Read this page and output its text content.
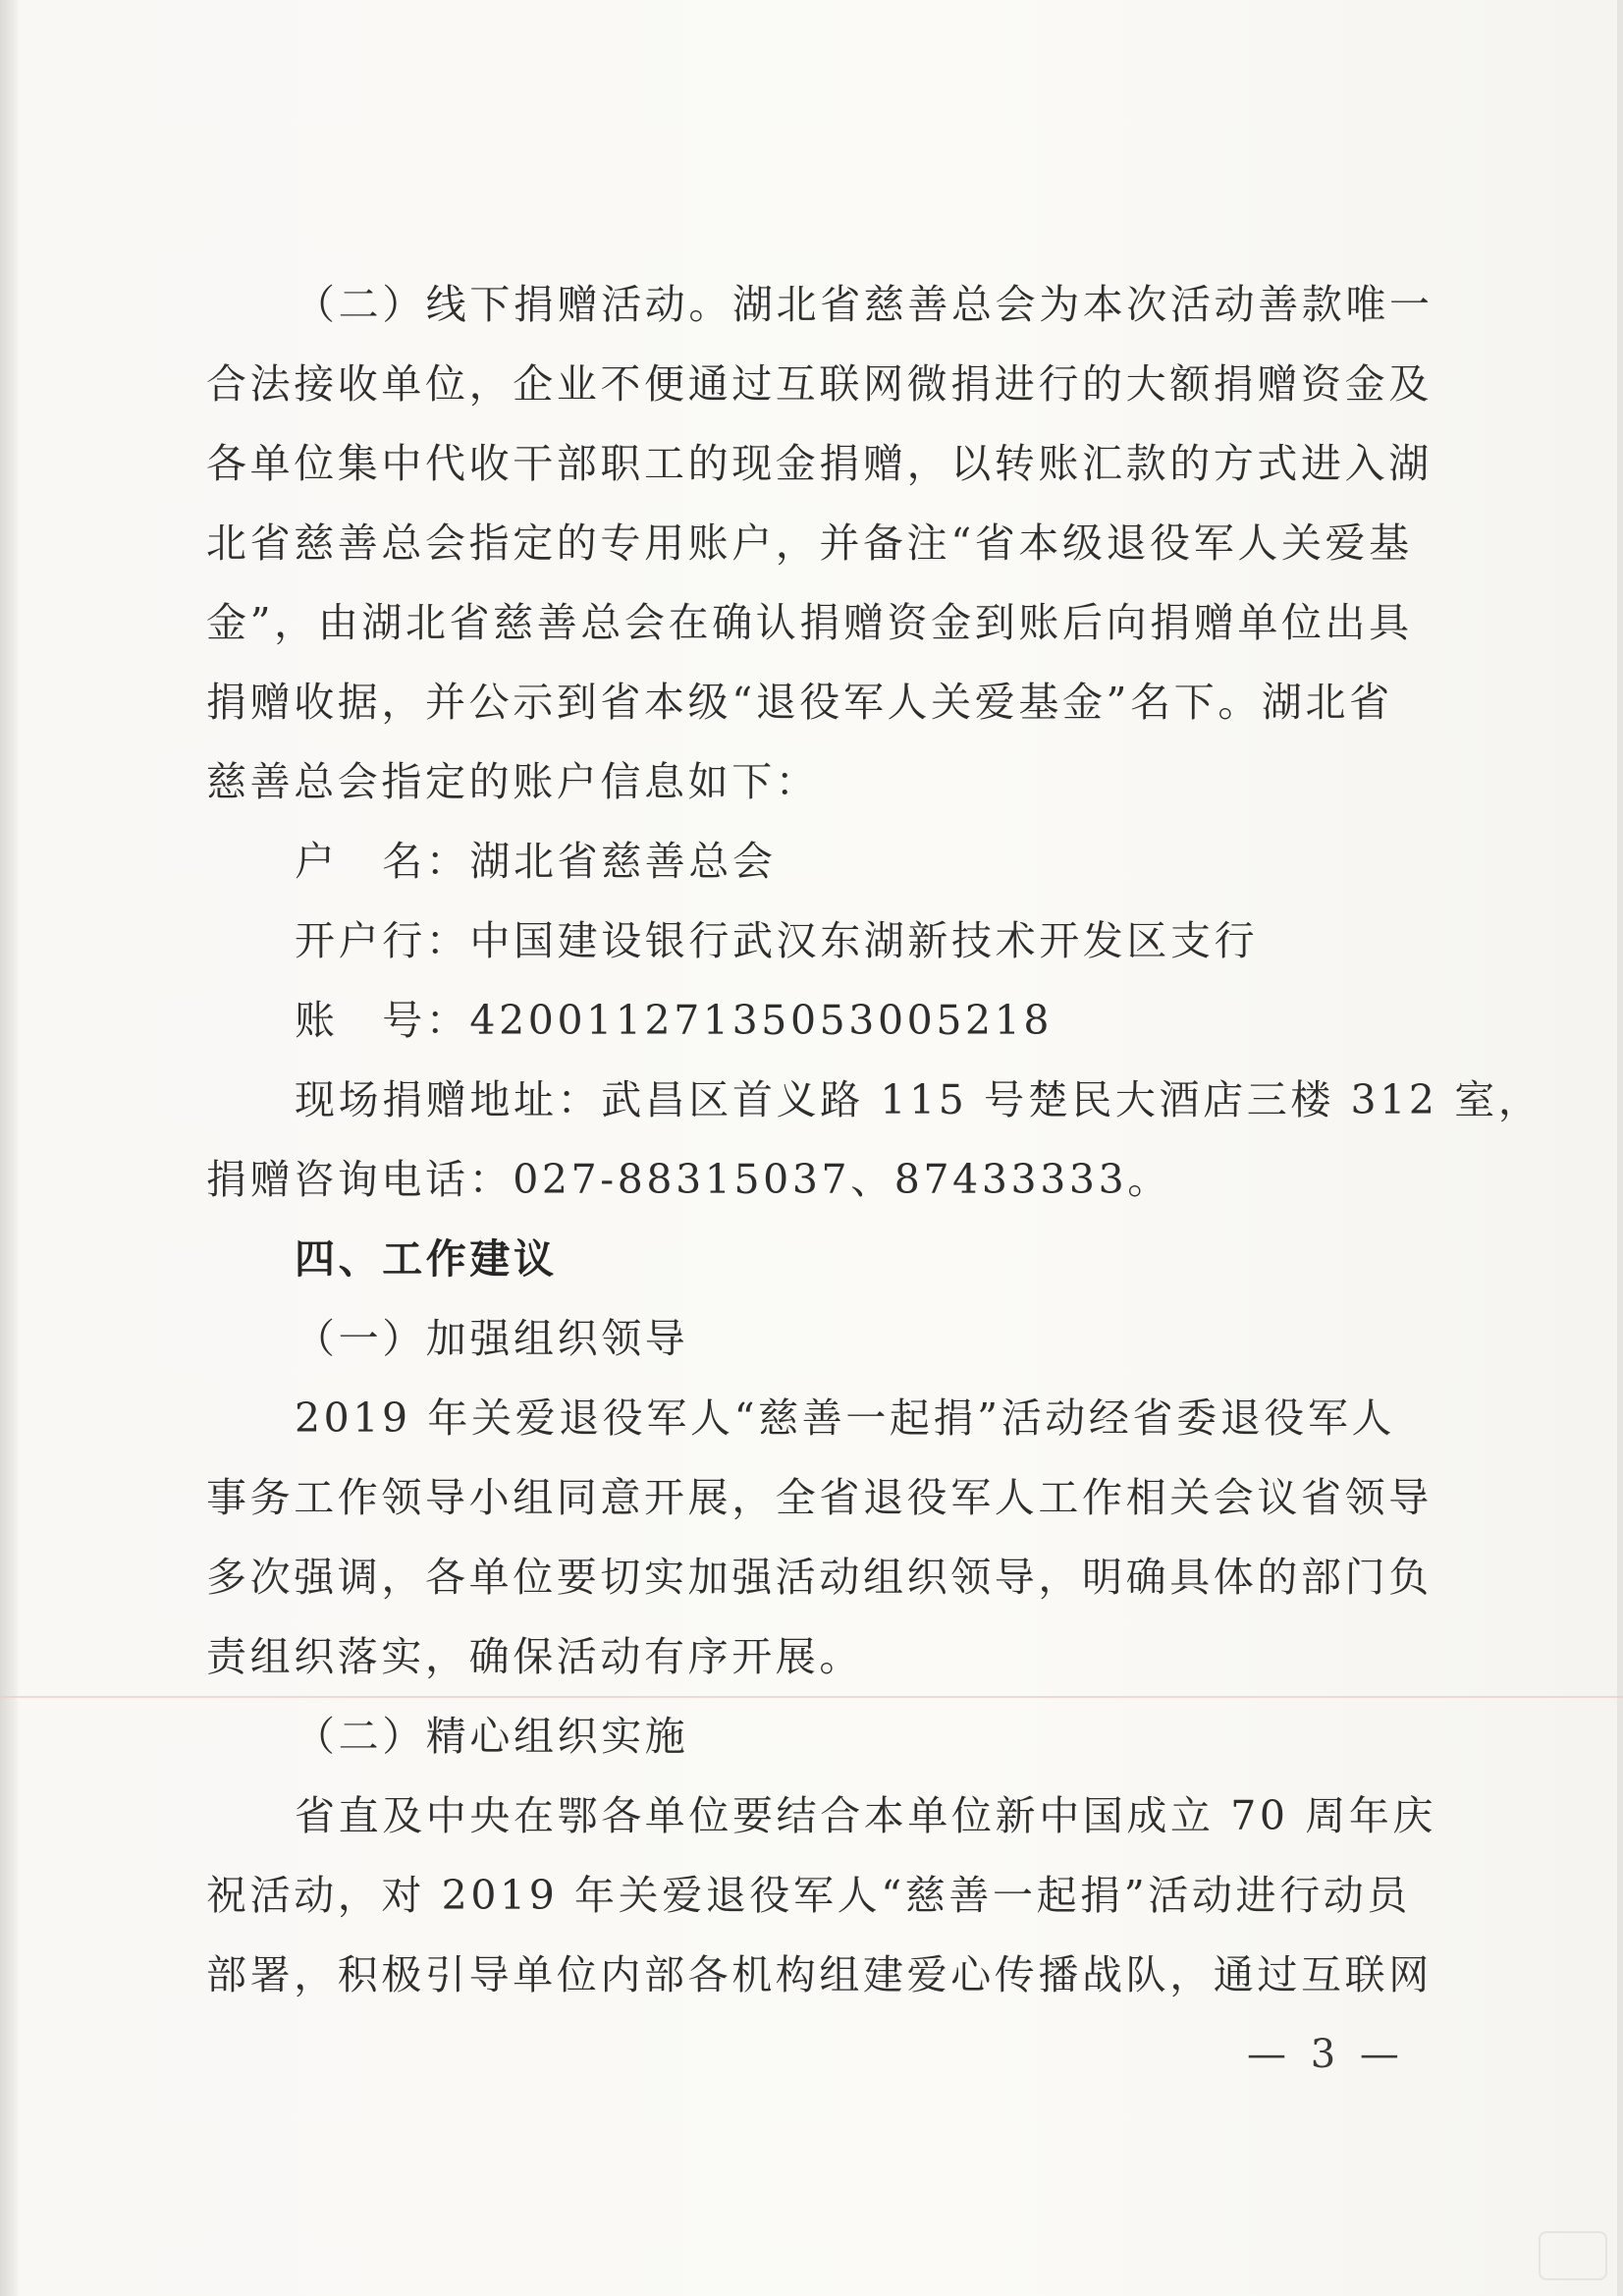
（二）线下捐赠活动。湖北省慈善总会为本次活动善款唯一
合法接收单位，企业不便通过互联网微捐进行的大额捐赠资金及
各单位集中代收干部职工的现金捐赠，以转账汇款的方式进入湖
北省慈善总会指定的专用账户，并备注“省本级退役军人关爱基
金”，由湖北省慈善总会在确认捐赠资金到账后向捐赠单位出具
捐赠收据，并公示到省本级“退役军人关爱基金”名下。湖北省
慈善总会指定的账户信息如下：
户　名：湖北省慈善总会
开户行：中国建设银行武汉东湖新技术开发区支行
账　号：42001127135053005218
现场捐赠地址：武昌区首义路 115 号楚民大酒店三楼 312 室，
捐赠咨询电话：027-88315037、87433333。
四、工作建议
（一）加强组织领导
2019 年关爱退役军人“慈善一起捐”活动经省委退役军人
事务工作领导小组同意开展，全省退役军人工作相关会议省领导
多次强调，各单位要切实加强活动组织领导，明确具体的部门负
责组织落实，确保活动有序开展。
（二）精心组织实施
省直及中央在鄂各单位要结合本单位新中国成立 70 周年庆
祝活动，对 2019 年关爱退役军人“慈善一起捐”活动进行动员
部署，积极引导单位内部各机构组建爱心传播战队，通过互联网
— 3 —
